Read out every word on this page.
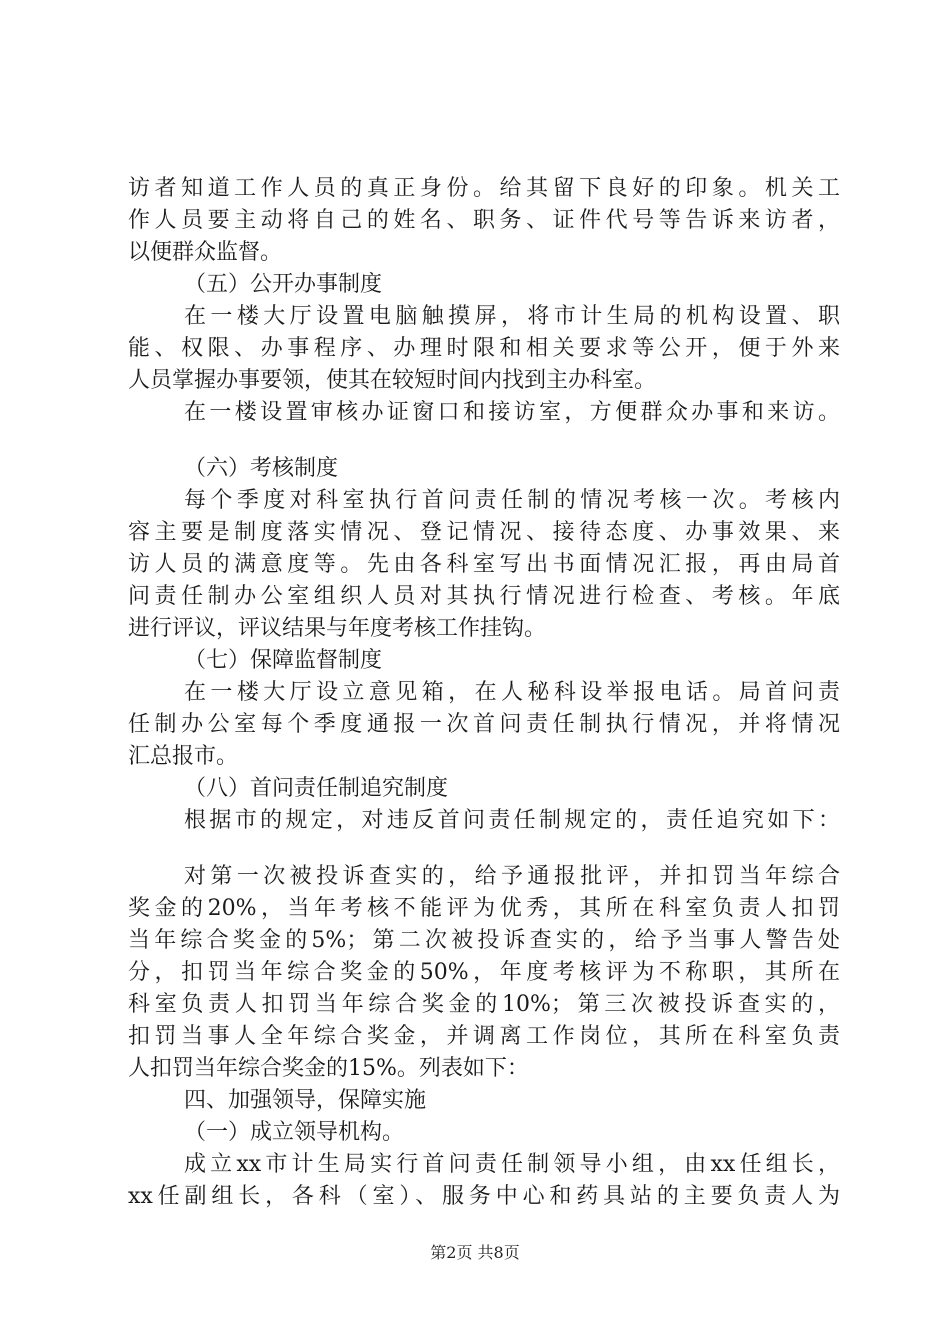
访者知道工作人员的真正身份。给其留下良好的印象。机关工
作人员要主动将自己的姓名、职务、证件代号等告诉来访者，
以便群众监督。
（五）公开办事制度
在一楼大厅设置电脑触摸屏，将市计生局的机构设置、职
能、权限、办事程序、办理时限和相关要求等公开，便于外来
人员掌握办事要领，使其在较短时间内找到主办科室。
在一楼设置审核办证窗口和接访室，方便群众办事和来访。
（六）考核制度
每个季度对科室执行首问责任制的情况考核一次。考核内
容主要是制度落实情况、登记情况、接待态度、办事效果、来
访人员的满意度等。先由各科室写出书面情况汇报，再由局首
问责任制办公室组织人员对其执行情况进行检查、考核。年底
进行评议，评议结果与年度考核工作挂钩。
（七）保障监督制度
在一楼大厅设立意见箱，在人秘科设举报电话。局首问责
任制办公室每个季度通报一次首问责任制执行情况，并将情况
汇总报市。
（八）首问责任制追究制度
根据市的规定，对违反首问责任制规定的，责任追究如下：
对第一次被投诉查实的，给予通报批评，并扣罚当年综合
奖金的20%，当年考核不能评为优秀，其所在科室负责人扣罚
当年综合奖金的5%；第二次被投诉查实的，给予当事人警告处
分，扣罚当年综合奖金的50%，年度考核评为不称职，其所在
科室负责人扣罚当年综合奖金的10%；第三次被投诉查实的，
扣罚当事人全年综合奖金，并调离工作岗位，其所在科室负责
人扣罚当年综合奖金的15%。列表如下：
四、加强领导，保障实施
（一）成立领导机构。
成立xx市计生局实行首问责任制领导小组，由xx任组长，
xx任副组长，各科（室）、服务中心和药具站的主要负责人为
第2页 共8页
